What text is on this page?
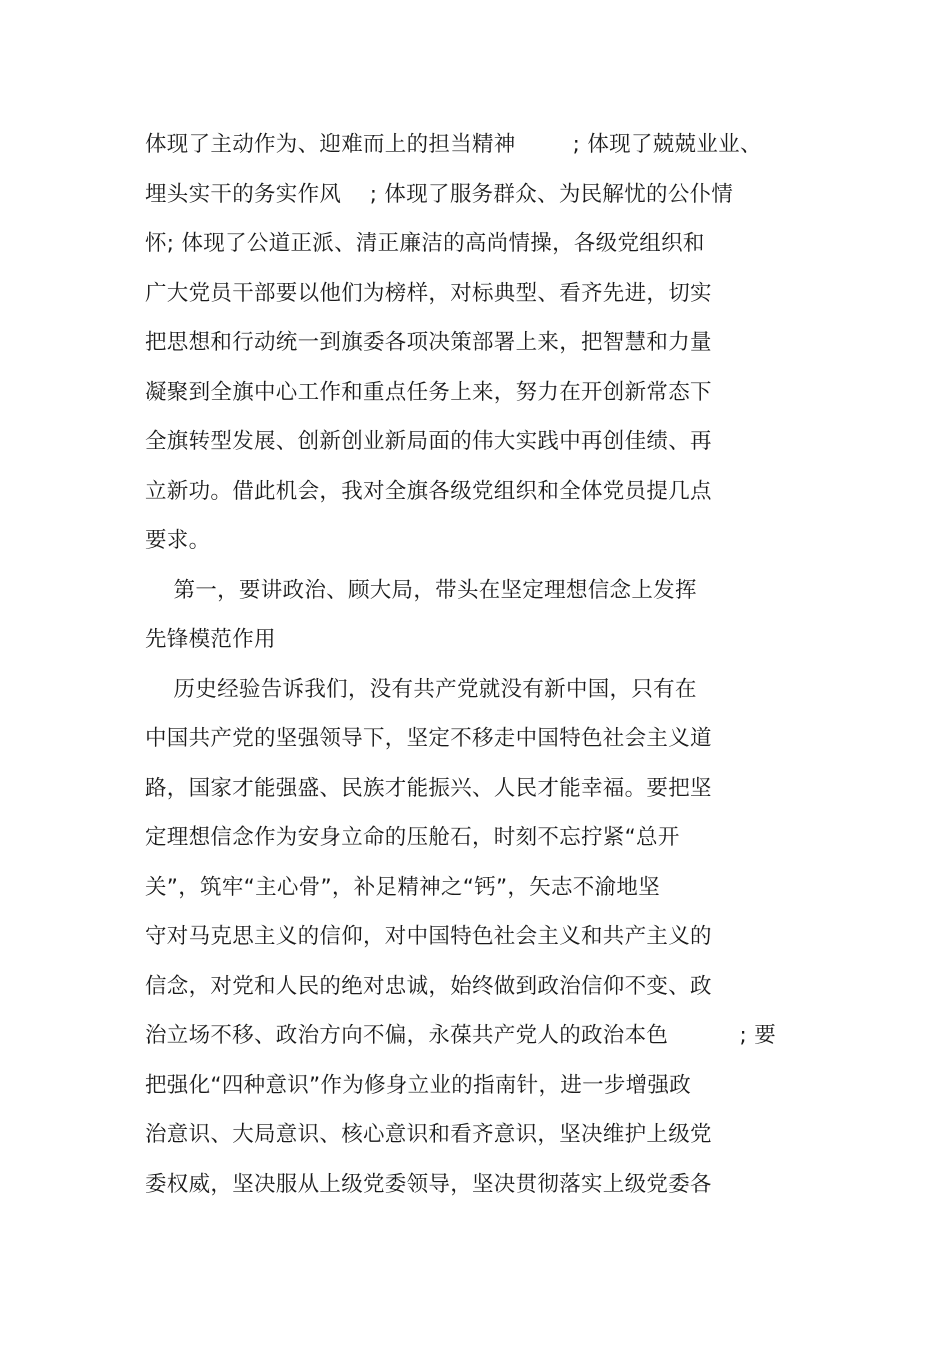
体现了主动作为、迎难而上的担当精神        ; 体现了兢兢业业、
埋头实干的务实作风    ; 体现了服务群众、为民解忧的公仆情
怀; 体现了公道正派、清正廉洁的高尚情操，各级党组织和
广大党员干部要以他们为榜样，对标典型、看齐先进，切实
把思想和行动统一到旗委各项决策部署上来，把智慧和力量
凝聚到全旗中心工作和重点任务上来，努力在开创新常态下
全旗转型发展、创新创业新局面的伟大实践中再创佳绩、再
立新功。借此机会，我对全旗各级党组织和全体党员提几点
要求。
第一，要讲政治、顾大局，带头在坚定理想信念上发挥
先锋模范作用
历史经验告诉我们，没有共产党就没有新中国，只有在
中国共产党的坚强领导下，坚定不移走中国特色社会主义道
路，国家才能强盛、民族才能振兴、人民才能幸福。要把坚
定理想信念作为安身立命的压舱石，时刻不忘拧紧“总开
关”，筑牢“主心骨”，补足精神之“钙”，矢志不渝地坚
守对马克思主义的信仰，对中国特色社会主义和共产主义的
信念，对党和人民的绝对忠诚，始终做到政治信仰不变、政
治立场不移、政治方向不偏，永葆共产党人的政治本色          ; 要
把强化“四种意识”作为修身立业的指南针，进一步增强政
治意识、大局意识、核心意识和看齐意识，坚决维护上级党
委权威，坚决服从上级党委领导，坚决贯彻落实上级党委各
